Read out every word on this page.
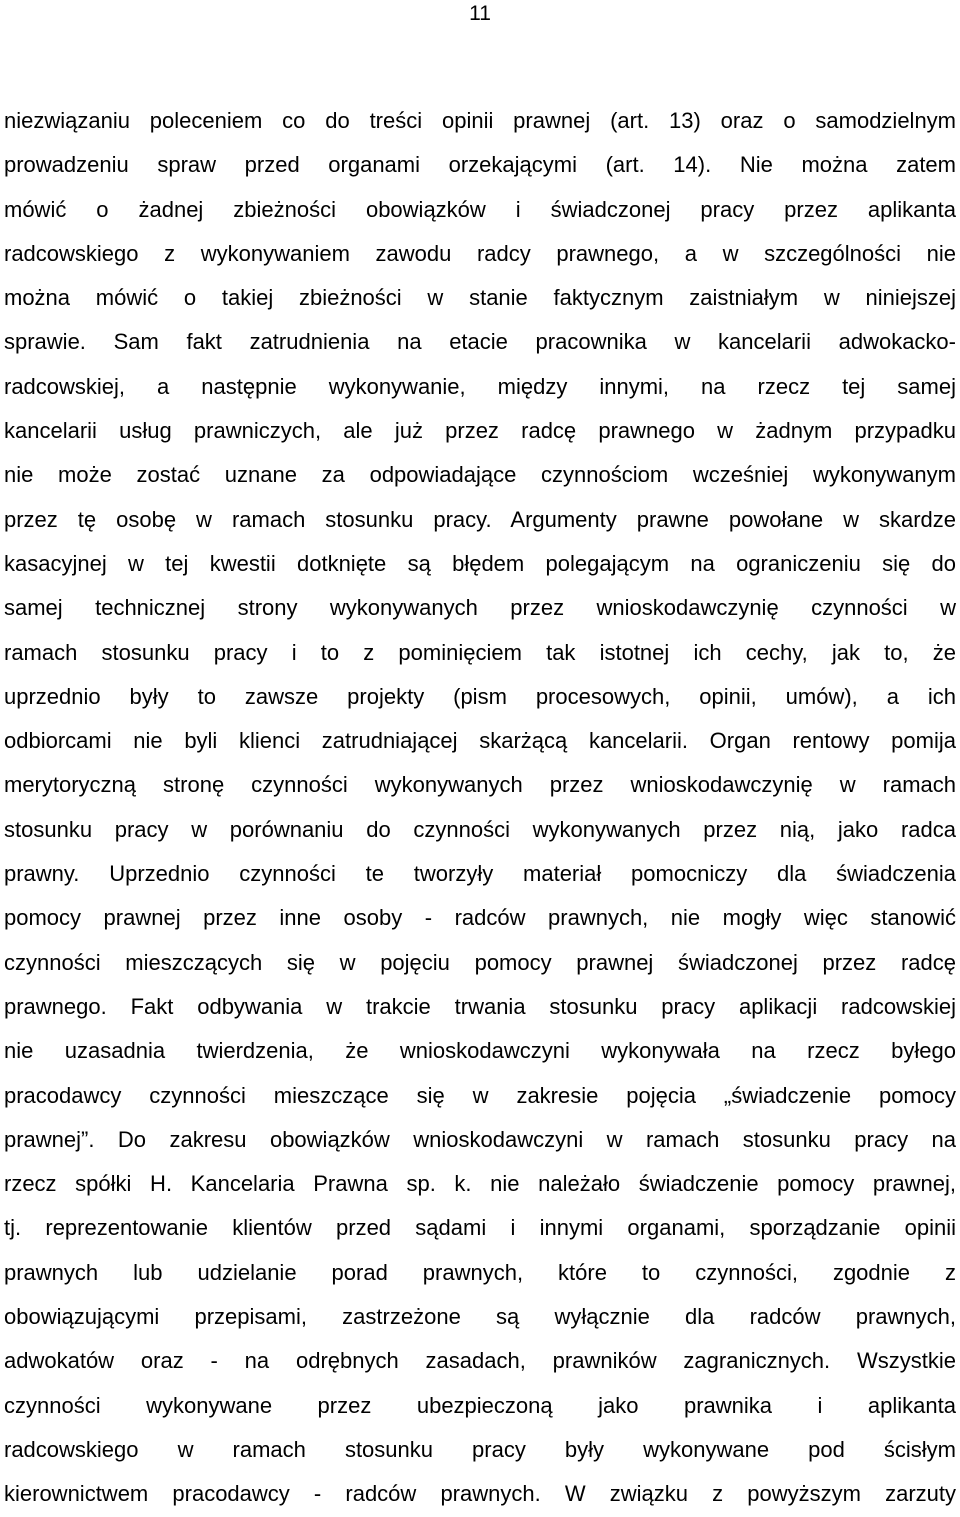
11
niezwiązaniu poleceniem co do treści opinii prawnej (art. 13) oraz o samodzielnym
prowadzeniu spraw przed organami orzekającymi (art. 14). Nie można zatem
mówić o żadnej zbieżności obowiązków i świadczonej pracy przez aplikanta
radcowskiego z wykonywaniem zawodu radcy prawnego, a w szczególności nie
można mówić o takiej zbieżności w stanie faktycznym zaistniałym w niniejszej
sprawie. Sam fakt zatrudnienia na etacie pracownika w kancelarii adwokacko-
radcowskiej, a następnie wykonywanie, między innymi, na rzecz tej samej
kancelarii usług prawniczych, ale już przez radcę prawnego w żadnym przypadku
nie może zostać uznane za odpowiadające czynnościom wcześniej wykonywanym
przez tę osobę w ramach stosunku pracy. Argumenty prawne powołane w skardze
kasacyjnej w tej kwestii dotknięte są błędem polegającym na ograniczeniu się do
samej technicznej strony wykonywanych przez wnioskodawczynię czynności w
ramach stosunku pracy i to z pominięciem tak istotnej ich cechy, jak to, że
uprzednio były to zawsze projekty (pism procesowych, opinii, umów), a ich
odbiorcami nie byli klienci zatrudniającej skarżącą kancelarii. Organ rentowy pomija
merytoryczną stronę czynności wykonywanych przez wnioskodawczynię w ramach
stosunku pracy w porównaniu do czynności wykonywanych przez nią, jako radca
prawny. Uprzednio czynności te tworzyły materiał pomocniczy dla świadczenia
pomocy prawnej przez inne osoby - radców prawnych, nie mogły więc stanowić
czynności mieszczących się w pojęciu pomocy prawnej świadczonej przez radcę
prawnego. Fakt odbywania w trakcie trwania stosunku pracy aplikacji radcowskiej
nie uzasadnia twierdzenia, że wnioskodawczyni wykonywała na rzecz byłego
pracodawcy czynności mieszczące się w zakresie pojęcia „świadczenie pomocy
prawnej”. Do zakresu obowiązków wnioskodawczyni w ramach stosunku pracy na
rzecz spółki H. Kancelaria Prawna sp. k. nie należało świadczenie pomocy prawnej,
tj. reprezentowanie klientów przed sądami i innymi organami, sporządzanie opinii
prawnych lub udzielanie porad prawnych, które to czynności, zgodnie z
obowiązującymi przepisami, zastrzeżone są wyłącznie dla radców prawnych,
adwokatów oraz - na odrębnych zasadach, prawników zagranicznych. Wszystkie
czynności wykonywane przez ubezpieczoną jako prawnika i aplikanta
radcowskiego w ramach stosunku pracy były wykonywane pod ścisłym
kierownictwem pracodawcy - radców prawnych. W związku z powyższym zarzuty
